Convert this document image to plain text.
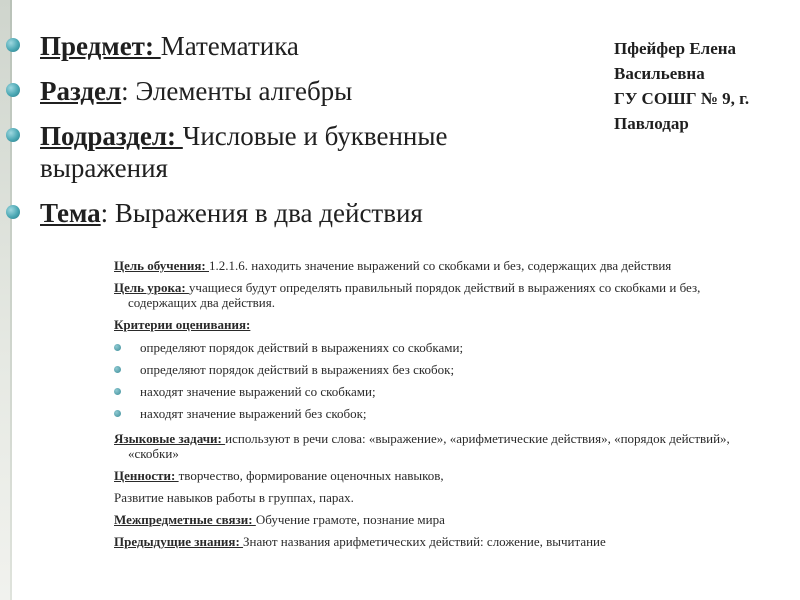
Предмет: Математика
Раздел: Элементы алгебры
Подраздел: Числовые и буквенные выражения
Тема: Выражения в два действия
Пфейфер Елена
Васильевна
ГУ СОШГ № 9, г.
Павлодар

Цель обучения: 1.2.1.6. находить значение выражений со скобками и без, содержащих два действия

Цель урока: учащиеся будут определять правильный порядок действий в выражениях со скобками и без, содержащих два действия.

Критерии оценивания:

определяют порядок действий в выражениях со скобками;
определяют порядок действий в выражениях без скобок;
находят значение выражений со скобками;
находят значение выражений без скобок;

Языковые задачи: используют в речи слова: «выражение», «арифметические действия», «порядок действий», «скобки»

Ценности: творчество, формирование оценочных навыков,

Развитие навыков работы в группах, парах.

Межпредметные связи: Обучение грамоте, познание мира

Предыдущие знания: Знают названия арифметических действий: сложение, вычитание
